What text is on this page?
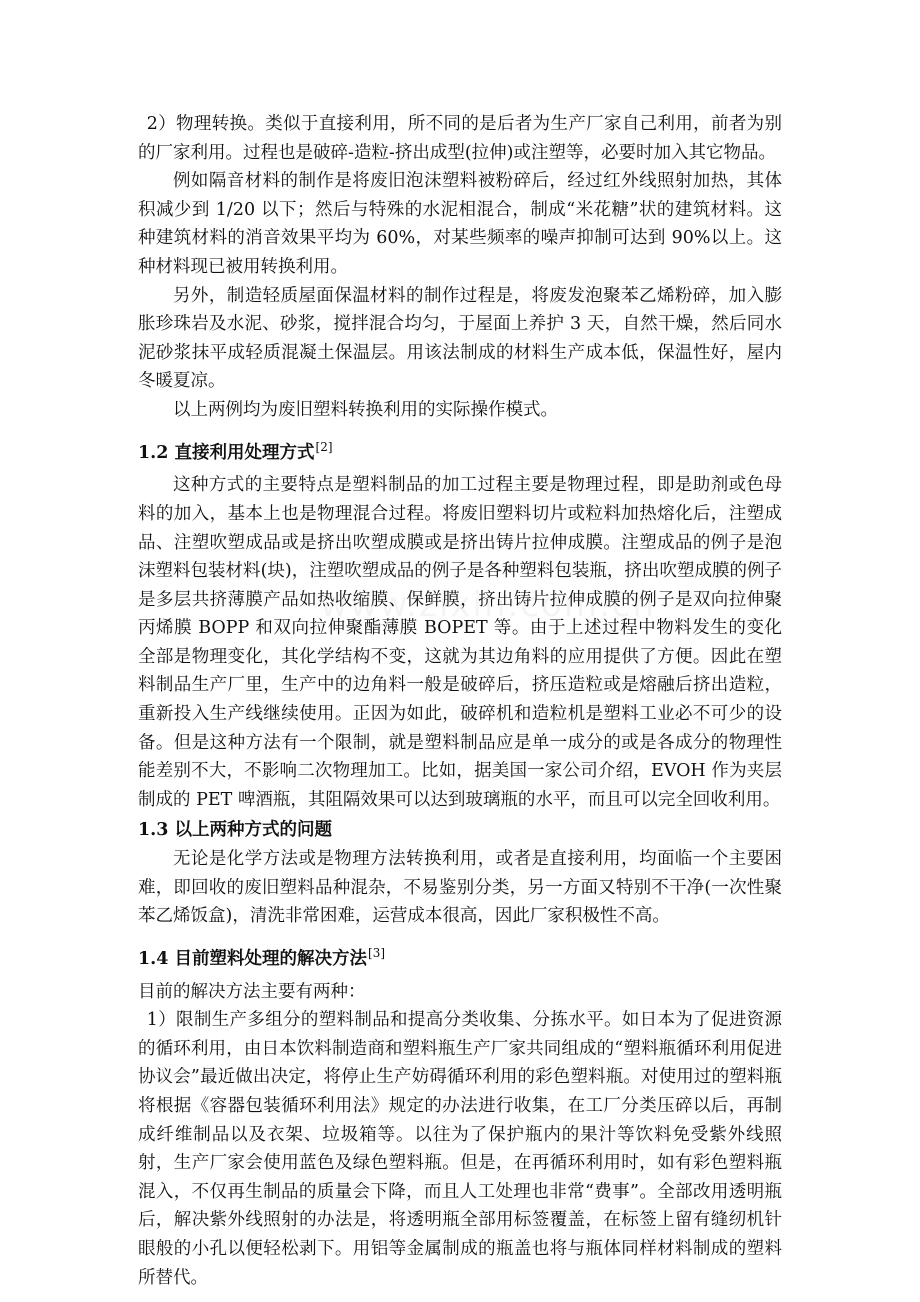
2）物理转换。类似于直接利用，所不同的是后者为生产厂家自己利用，前者为别的厂家利用。过程也是破碎-造粒-挤出成型(拉伸)或注塑等，必要时加入其它物品。

例如隔音材料的制作是将废旧泡沫塑料被粉碎后，经过红外线照射加热，其体积减少到 1/20 以下；然后与特殊的水泥相混合，制成“米花糖”状的建筑材料。这种建筑材料的消音效果平均为 60%，对某些频率的噪声抑制可达到 90%以上。这种材料现已被用转换利用。

另外，制造轻质屋面保温材料的制作过程是，将废发泡聚苯乙烯粉碎，加入膨胀珍珠岩及水泥、砂浆，搅拌混合均匀，于屋面上养护 3 天，自然干燥，然后同水泥砂浆抹平成轻质混凝土保温层。用该法制成的材料生产成本低，保温性好，屋内冬暖夏凉。

以上两例均为废旧塑料转换利用的实际操作模式。

1.2 直接利用处理方式[2]

这种方式的主要特点是塑料制品的加工过程主要是物理过程，即是助剂或色母料的加入，基本上也是物理混合过程。将废旧塑料切片或粒料加热熔化后，注塑成品、注塑吹塑成品或是挤出吹塑成膜或是挤出铸片拉伸成膜。注塑成品的例子是泡沫塑料包装材料(块)，注塑吹塑成品的例子是各种塑料包装瓶，挤出吹塑成膜的例子是多层共挤薄膜产品如热收缩膜、保鲜膜，挤出铸片拉伸成膜的例子是双向拉伸聚丙烯膜 BOPP 和双向拉伸聚酯薄膜 BOPET 等。由于上述过程中物料发生的变化全部是物理变化，其化学结构不变，这就为其边角料的应用提供了方便。因此在塑料制品生产厂里，生产中的边角料一般是破碎后，挤压造粒或是熔融后挤出造粒，重新投入生产线继续使用。正因为如此，破碎机和造粒机是塑料工业必不可少的设备。但是这种方法有一个限制，就是塑料制品应是单一成分的或是各成分的物理性能差别不大，不影响二次物理加工。比如，据美国一家公司介绍，EVOH 作为夹层制成的 PET 啤酒瓶，其阻隔效果可以达到玻璃瓶的水平，而且可以完全回收利用。

1.3 以上两种方式的问题

无论是化学方法或是物理方法转换利用，或者是直接利用，均面临一个主要困难，即回收的废旧塑料品种混杂，不易鉴别分类，另一方面又特别不干净(一次性聚苯乙烯饭盒)，清洗非常困难，运营成本很高，因此厂家积极性不高。

1.4 目前塑料处理的解决方法[3]

目前的解决方法主要有两种：

1）限制生产多组分的塑料制品和提高分类收集、分拣水平。如日本为了促进资源的循环利用，由日本饮料制造商和塑料瓶生产厂家共同组成的“塑料瓶循环利用促进协议会”最近做出决定，将停止生产妨碍循环利用的彩色塑料瓶。对使用过的塑料瓶将根据《容器包装循环利用法》规定的办法进行收集，在工厂分类压碎以后，再制成纤维制品以及衣架、垃圾箱等。以往为了保护瓶内的果汁等饮料免受紫外线照射，生产厂家会使用蓝色及绿色塑料瓶。但是，在再循环利用时，如有彩色塑料瓶混入，不仅再生制品的质量会下降，而且人工处理也非常“费事”。全部改用透明瓶后，解决紫外线照射的办法是，将透明瓶全部用标签覆盖，在标签上留有缝纫机针眼般的小孔以便轻松剥下。用铝等金属制成的瓶盖也将与瓶体同样材料制成的塑料所替代。
